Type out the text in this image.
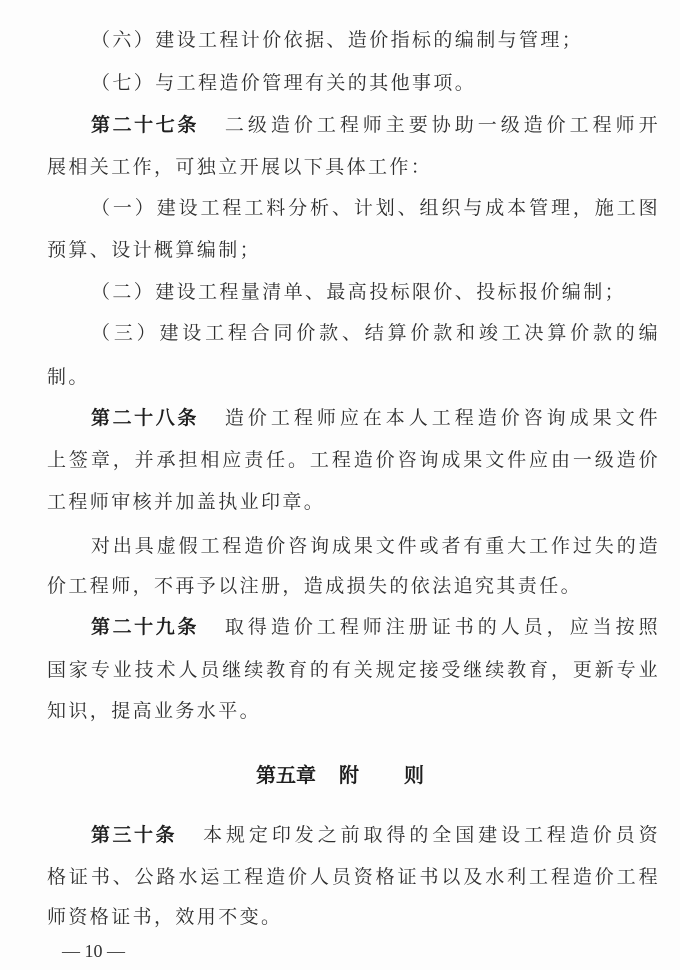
（六）建设工程计价依据、造价指标的编制与管理；
（七）与工程造价管理有关的其他事项。
第二十七条 二级造价工程师主要协助一级造价工程师开
展相关工作，可独立开展以下具体工作：
（一）建设工程工料分析、计划、组织与成本管理，施工图
预算、设计概算编制；
（二）建设工程量清单、最高投标限价、投标报价编制；
（三）建设工程合同价款、结算价款和竣工决算价款的编
制。
第二十八条 造价工程师应在本人工程造价咨询成果文件
上签章，并承担相应责任。工程造价咨询成果文件应由一级造价
工程师审核并加盖执业印章。
对出具虚假工程造价咨询成果文件或者有重大工作过失的造
价工程师，不再予以注册，造成损失的依法追究其责任。
第二十九条 取得造价工程师注册证书的人员，应当按照
国家专业技术人员继续教育的有关规定接受继续教育，更新专业
知识，提高业务水平。
第五章 附 则
第三十条 本规定印发之前取得的全国建设工程造价员资
格证书、公路水运工程造价人员资格证书以及水利工程造价工程
师资格证书，效用不变。
— 10 —
